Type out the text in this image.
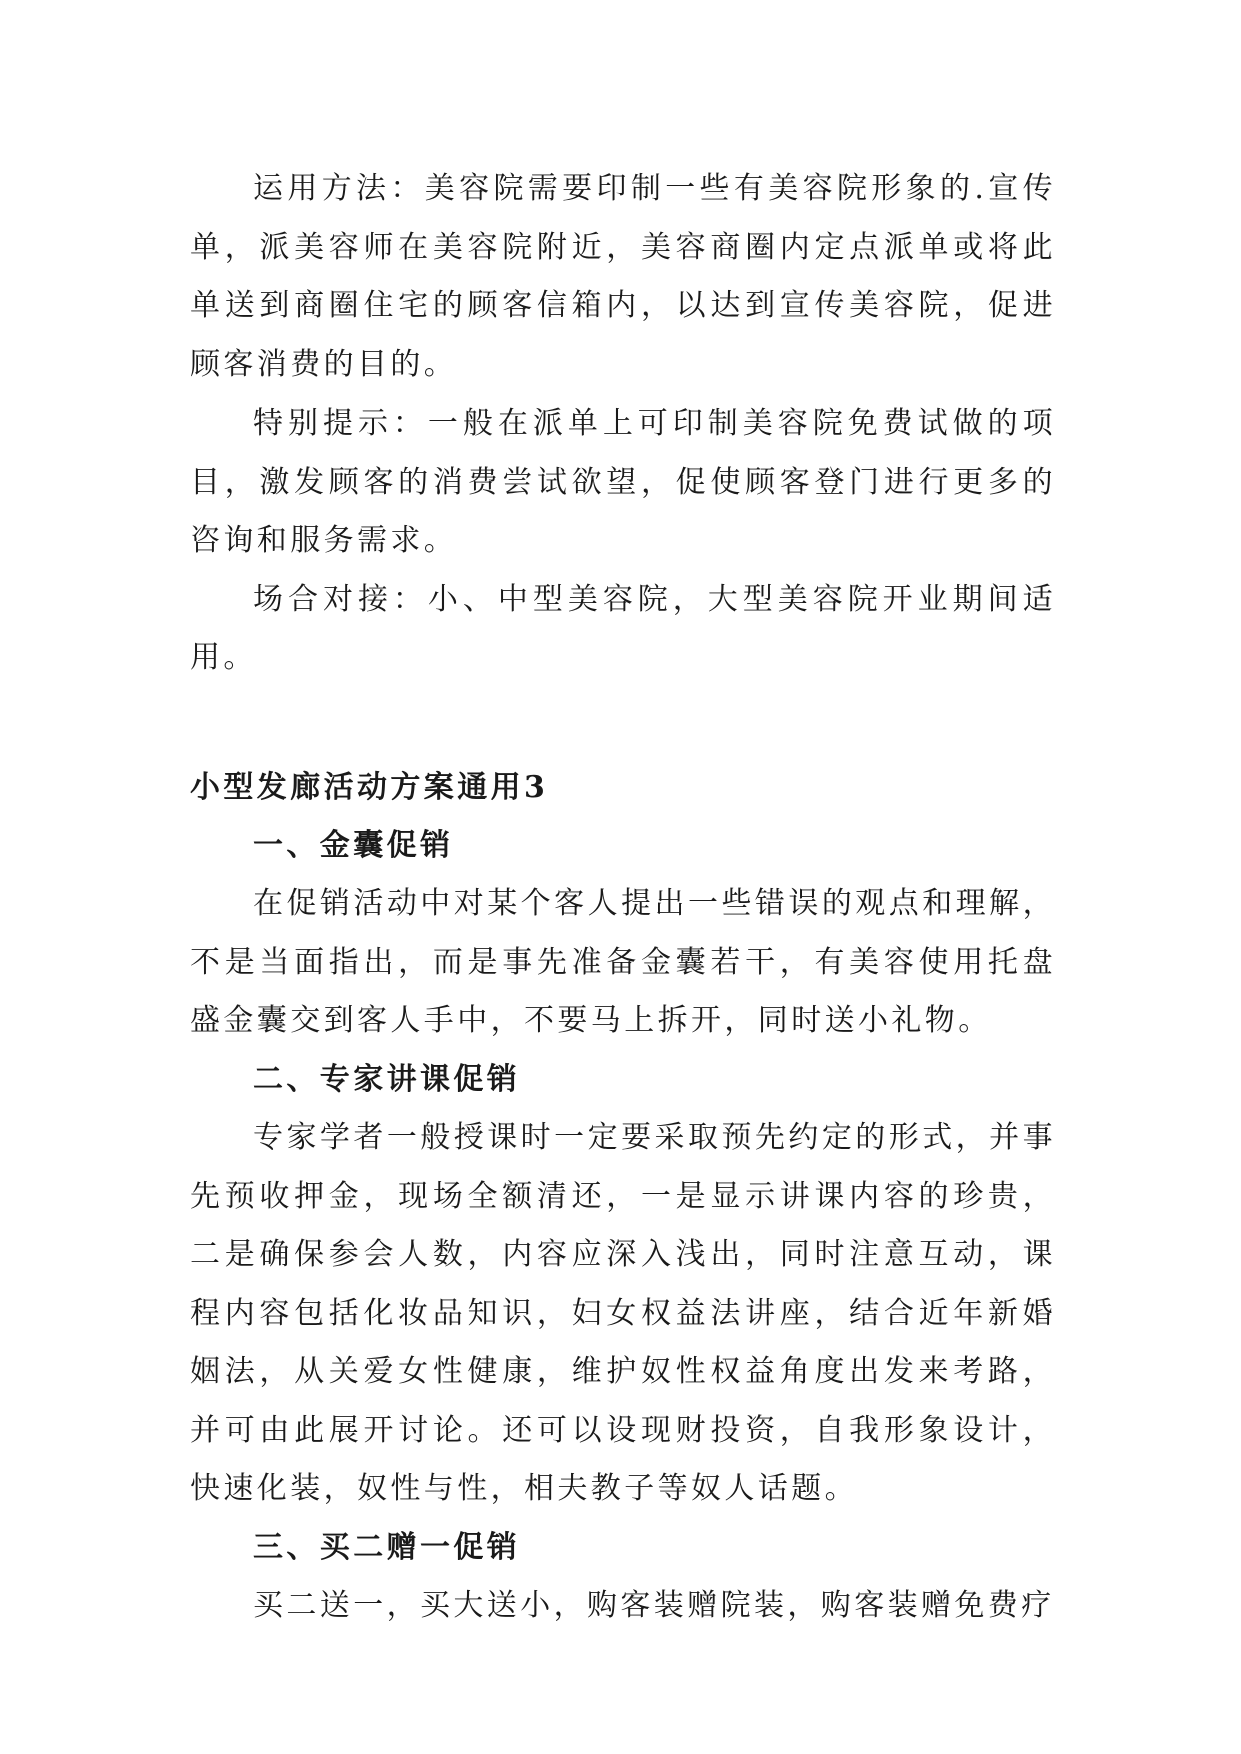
运用方法：美容院需要印制一些有美容院形象的.宣传单，派美容师在美容院附近，美容商圈内定点派单或将此单送到商圈住宅的顾客信箱内，以达到宣传美容院，促进顾客消费的目的。

特别提示：一般在派单上可印制美容院免费试做的项目，激发顾客的消费尝试欲望，促使顾客登门进行更多的咨询和服务需求。

场合对接：小、中型美容院，大型美容院开业期间适用。

小型发廊活动方案通用3
一、金囊促销

在促销活动中对某个客人提出一些错误的观点和理解，不是当面指出，而是事先准备金囊若干，有美容使用托盘盛金囊交到客人手中，不要马上拆开，同时送小礼物。

二、专家讲课促销

专家学者一般授课时一定要采取预先约定的形式，并事先预收押金，现场全额清还，一是显示讲课内容的珍贵，二是确保参会人数，内容应深入浅出，同时注意互动，课程内容包括化妆品知识，妇女权益法讲座，结合近年新婚姻法，从关爱女性健康，维护奴性权益角度出发来考路，并可由此展开讨论。还可以设现财投资，自我形象设计，快速化装，奴性与性，相夫教子等奴人话题。

三、买二赠一促销

买二送一，买大送小，购客装赠院装，购客装赠免费疗
